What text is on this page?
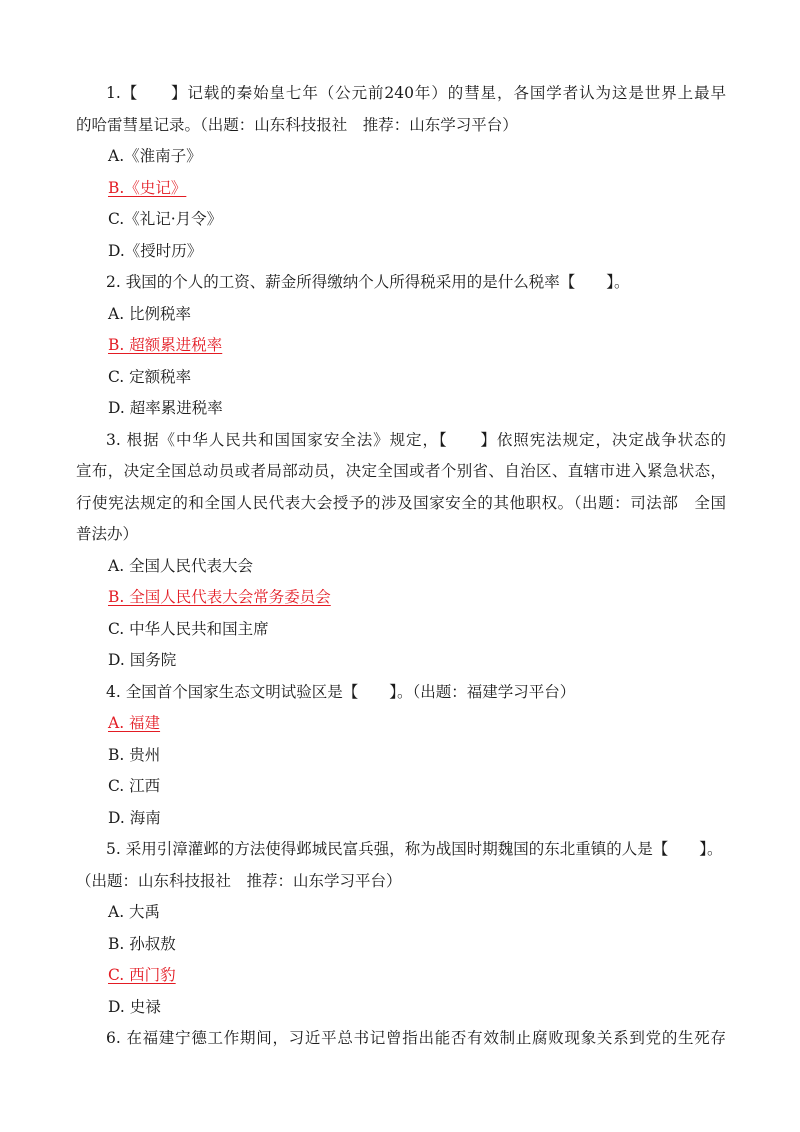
1.【　　】记载的秦始皇七年（公元前240年）的彗星，各国学者认为这是世界上最早
的哈雷彗星记录。（出题：山东科技报社　推荐：山东学习平台）
A.《淮南子》
B.《史记》
C.《礼记·月令》
D.《授时历》
2. 我国的个人的工资、薪金所得缴纳个人所得税采用的是什么税率【　　】。
A. 比例税率
B. 超额累进税率
C. 定额税率
D. 超率累进税率
3. 根据《中华人民共和国国家安全法》规定，【　　】依照宪法规定，决定战争状态的
宣布，决定全国总动员或者局部动员，决定全国或者个别省、自治区、直辖市进入紧急状态，
行使宪法规定的和全国人民代表大会授予的涉及国家安全的其他职权。（出题：司法部　全国
普法办）
A. 全国人民代表大会
B. 全国人民代表大会常务委员会
C. 中华人民共和国主席
D. 国务院
4. 全国首个国家生态文明试验区是【　　】。（出题：福建学习平台）
A. 福建
B. 贵州
C. 江西
D. 海南
5. 采用引漳灌邺的方法使得邺城民富兵强，称为战国时期魏国的东北重镇的人是【　　】。
（出题：山东科技报社　推荐：山东学习平台）
A. 大禹
B. 孙叔敖
C. 西门豹
D. 史禄
6. 在福建宁德工作期间，习近平总书记曾指出能否有效制止腐败现象关系到党的生死存
